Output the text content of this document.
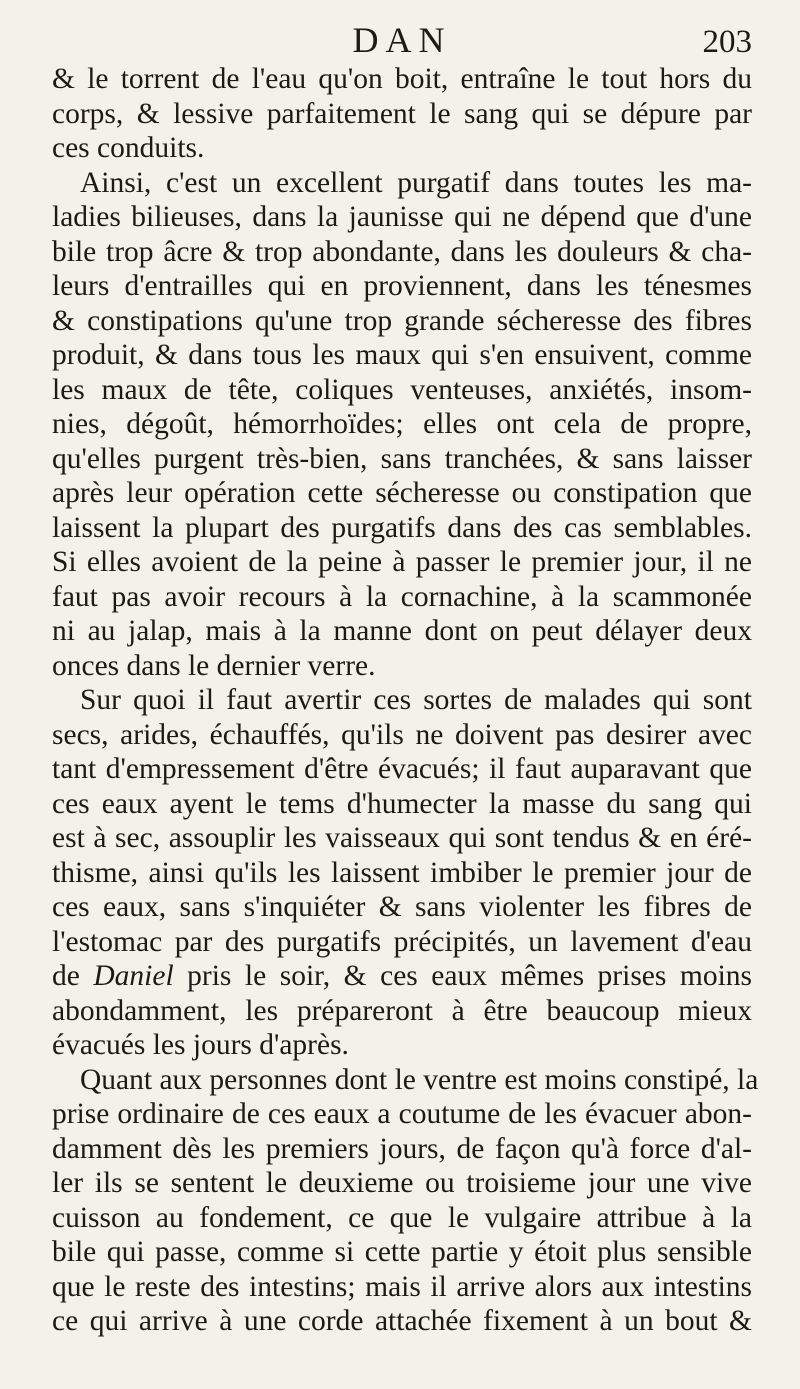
DAN	203
& le torrent de l'eau qu'on boit, entraîne le tout hors du
corps, & lessive parfaitement le sang qui se dépure par
ces conduits.
Ainsi, c'est un excellent purgatif dans toutes les ma-
ladies bilieuses, dans la jaunisse qui ne dépend que d'une
bile trop âcre & trop abondante, dans les douleurs & cha-
leurs d'entrailles qui en proviennent, dans les ténesmes
& constipations qu'une trop grande sécheresse des fibres
produit, & dans tous les maux qui s'en ensuivent, comme
les maux de tête, coliques venteuses, anxiétés, insom-
nies, dégoût, hémorrhoïdes; elles ont cela de propre,
qu'elles purgent très-bien, sans tranchées, & sans laisser
après leur opération cette sécheresse ou constipation que
laissent la plupart des purgatifs dans des cas semblables.
Si elles avoient de la peine à passer le premier jour, il ne
faut pas avoir recours à la cornachine, à la scammonée
ni au jalap, mais à la manne dont on peut délayer deux
onces dans le dernier verre.
Sur quoi il faut avertir ces sortes de malades qui sont
secs, arides, échauffés, qu'ils ne doivent pas desirer avec
tant d'empressement d'être évacués; il faut auparavant que
ces eaux ayent le tems d'humecter la masse du sang qui
est à sec, assouplir les vaisseaux qui sont tendus & en éré-
thisme, ainsi qu'ils les laissent imbiber le premier jour de
ces eaux, sans s'inquiéter & sans violenter les fibres de
l'estomac par des purgatifs précipités, un lavement d'eau
de Daniel pris le soir, & ces eaux mêmes prises moins
abondamment, les prépareront à être beaucoup mieux
évacués les jours d'après.
Quant aux personnes dont le ventre est moins constipé, la
prise ordinaire de ces eaux a coutume de les évacuer abon-
damment dès les premiers jours, de façon qu'à force d'al-
ler ils se sentent le deuxieme ou troisieme jour une vive
cuisson au fondement, ce que le vulgaire attribue à la
bile qui passe, comme si cette partie y étoit plus sensible
que le reste des intestins; mais il arrive alors aux intestins
ce qui arrive à une corde attachée fixement à un bout &
